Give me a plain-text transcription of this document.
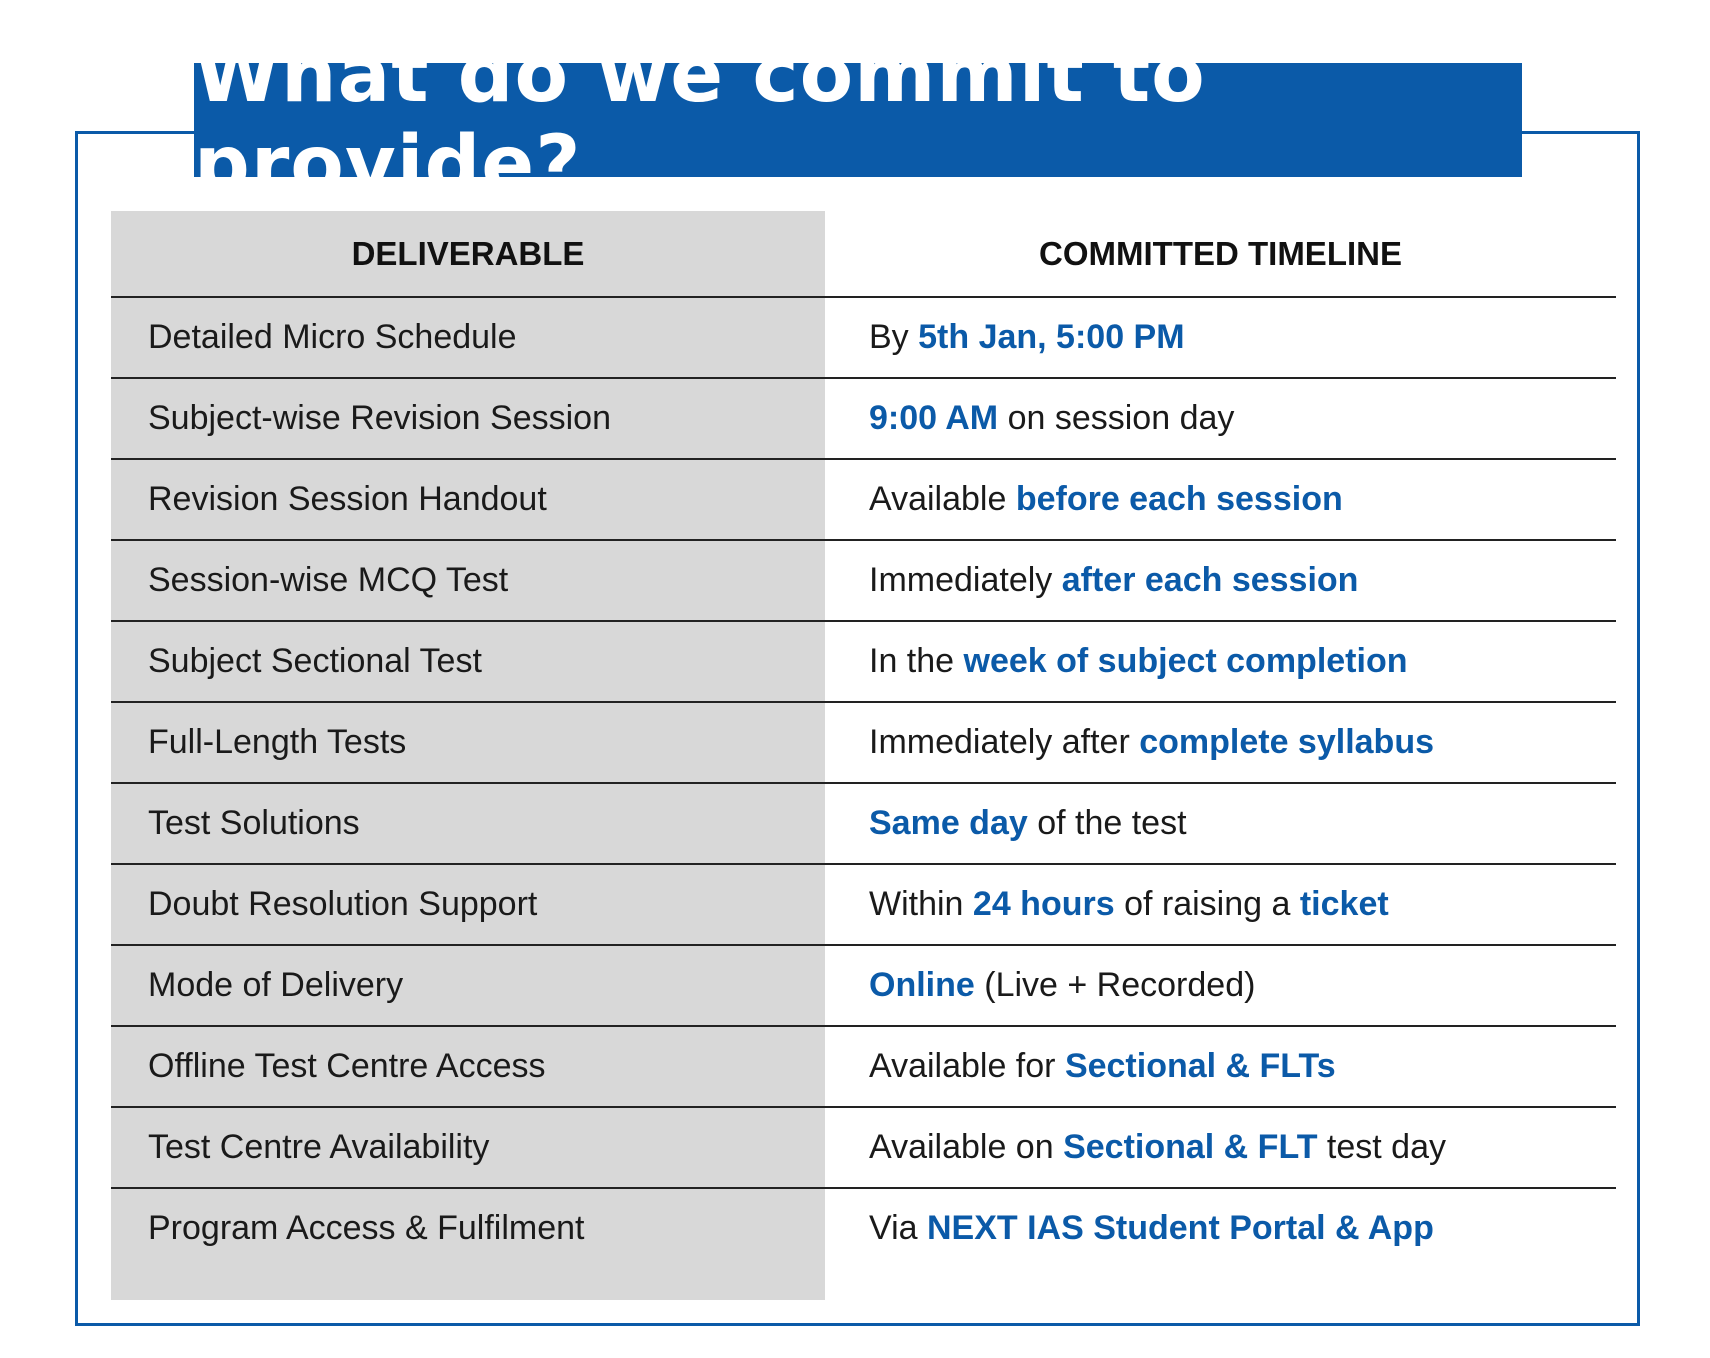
What do we commit to provide?
DELIVERABLE	COMMITTED TIMELINE
Detailed Micro Schedule	By 5th Jan, 5:00 PM
Subject-wise Revision Session	9:00 AM on session day
Revision Session Handout	Available before each session
Session-wise MCQ Test	Immediately after each session
Subject Sectional Test	In the week of subject completion
Full-Length Tests	Immediately after complete syllabus
Test Solutions	Same day of the test
Doubt Resolution Support	Within 24 hours of raising a ticket
Mode of Delivery	Online (Live + Recorded)
Offline Test Centre Access	Available for Sectional & FLTs
Test Centre Availability	Available on Sectional & FLT test day
Program Access & Fulfilment	Via NEXT IAS Student Portal & App
